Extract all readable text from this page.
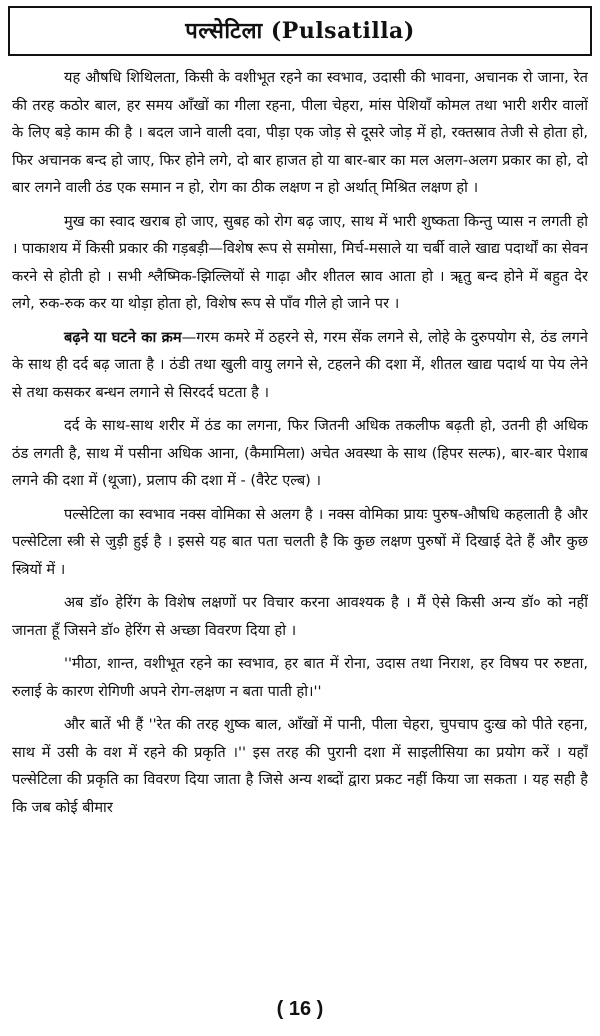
पल्सेटिला (Pulsatilla)

यह औषधि शिथिलता, किसी के वशीभूत रहने का स्वभाव, उदासी की भावना, अचानक रो जाना, रेत की तरह कठोर बाल, हर समय आँखों का गीला रहना, पीला चेहरा, मांस पेशियाँ कोमल तथा भारी शरीर वालों के लिए बड़े काम की है । बदल जाने वाली दवा, पीड़ा एक जोड़ से दूसरे जोड़ में हो, रक्तस्राव तेजी से होता हो, फिर अचानक बन्द हो जाए, फिर होने लगे, दो बार हाजत हो या बार-बार का मल अलग-अलग प्रकार का हो, दो बार लगने वाली ठंड एक समान न हो, रोग का ठीक लक्षण न हो अर्थात् मिश्रित लक्षण हो ।

मुख का स्वाद खराब हो जाए, सुबह को रोग बढ़ जाए, साथ में भारी शुष्कता किन्तु प्यास न लगती हो । पाकाशय में किसी प्रकार की गड़बड़ी—विशेष रूप से समोसा, मिर्च-मसाले या चर्बी वाले खाद्य पदार्थों का सेवन करने से होती हो । सभी श्लैष्मिक-झिल्लियों से गाढ़ा और शीतल स्राव आता हो । ॠतु बन्द होने में बहुत देर लगे, रुक-रुक कर या थोड़ा होता हो, विशेष रूप से पाँव गीले हो जाने पर ।

बढ़ने या घटने का क्रम—गरम कमरे में ठहरने से, गरम सेंक लगने से, लोहे के दुरुपयोग से, ठंड लगने के साथ ही दर्द बढ़ जाता है । ठंडी तथा खुली वायु लगने से, टहलने की दशा में, शीतल खाद्य पदार्थ या पेय लेने से तथा कसकर बन्धन लगाने से सिरदर्द घटता है ।

दर्द के साथ-साथ शरीर में ठंड का लगना, फिर जितनी अधिक तकलीफ बढ़ती हो, उतनी ही अधिक ठंड लगती है, साथ में पसीना अधिक आना, (कैमामिला) अचेत अवस्था के साथ (हिपर सल्फ), बार-बार पेशाब लगने की दशा में (थूजा), प्रलाप की दशा में - (वैरेट एल्ब) ।

पल्सेटिला का स्वभाव नक्स वोमिका से अलग है । नक्स वोमिका प्रायः पुरुष-औषधि कहलाती है और पल्सेटिला स्त्री से जुड़ी हुई है । इससे यह बात पता चलती है कि कुछ लक्षण पुरुषों में दिखाई देते हैं और कुछ स्त्रियों में ।

अब डॉ० हेरिंग के विशेष लक्षणों पर विचार करना आवश्यक है । मैं ऐसे किसी अन्य डॉ० को नहीं जानता हूँ जिसने डॉ० हेरिंग से अच्छा विवरण दिया हो ।

''मीठा, शान्त, वशीभूत रहने का स्वभाव, हर बात में रोना, उदास तथा निराश, हर विषय पर रुष्टता, रुलाई के कारण रोगिणी अपने रोग-लक्षण न बता पाती हो।''

और बातें भी हैं ''रेत की तरह शुष्क बाल, आँखों में पानी, पीला चेहरा, चुपचाप दुःख को पीते रहना, साथ में उसी के वश में रहने की प्रकृति ।'' इस तरह की पुरानी दशा में साइलीसिया का प्रयोग करें । यहाँ पल्सेटिला की प्रकृति का विवरण दिया जाता है जिसे अन्य शब्दों द्वारा प्रकट नहीं किया जा सकता । यह सही है कि जब कोई बीमार

( 16 )
